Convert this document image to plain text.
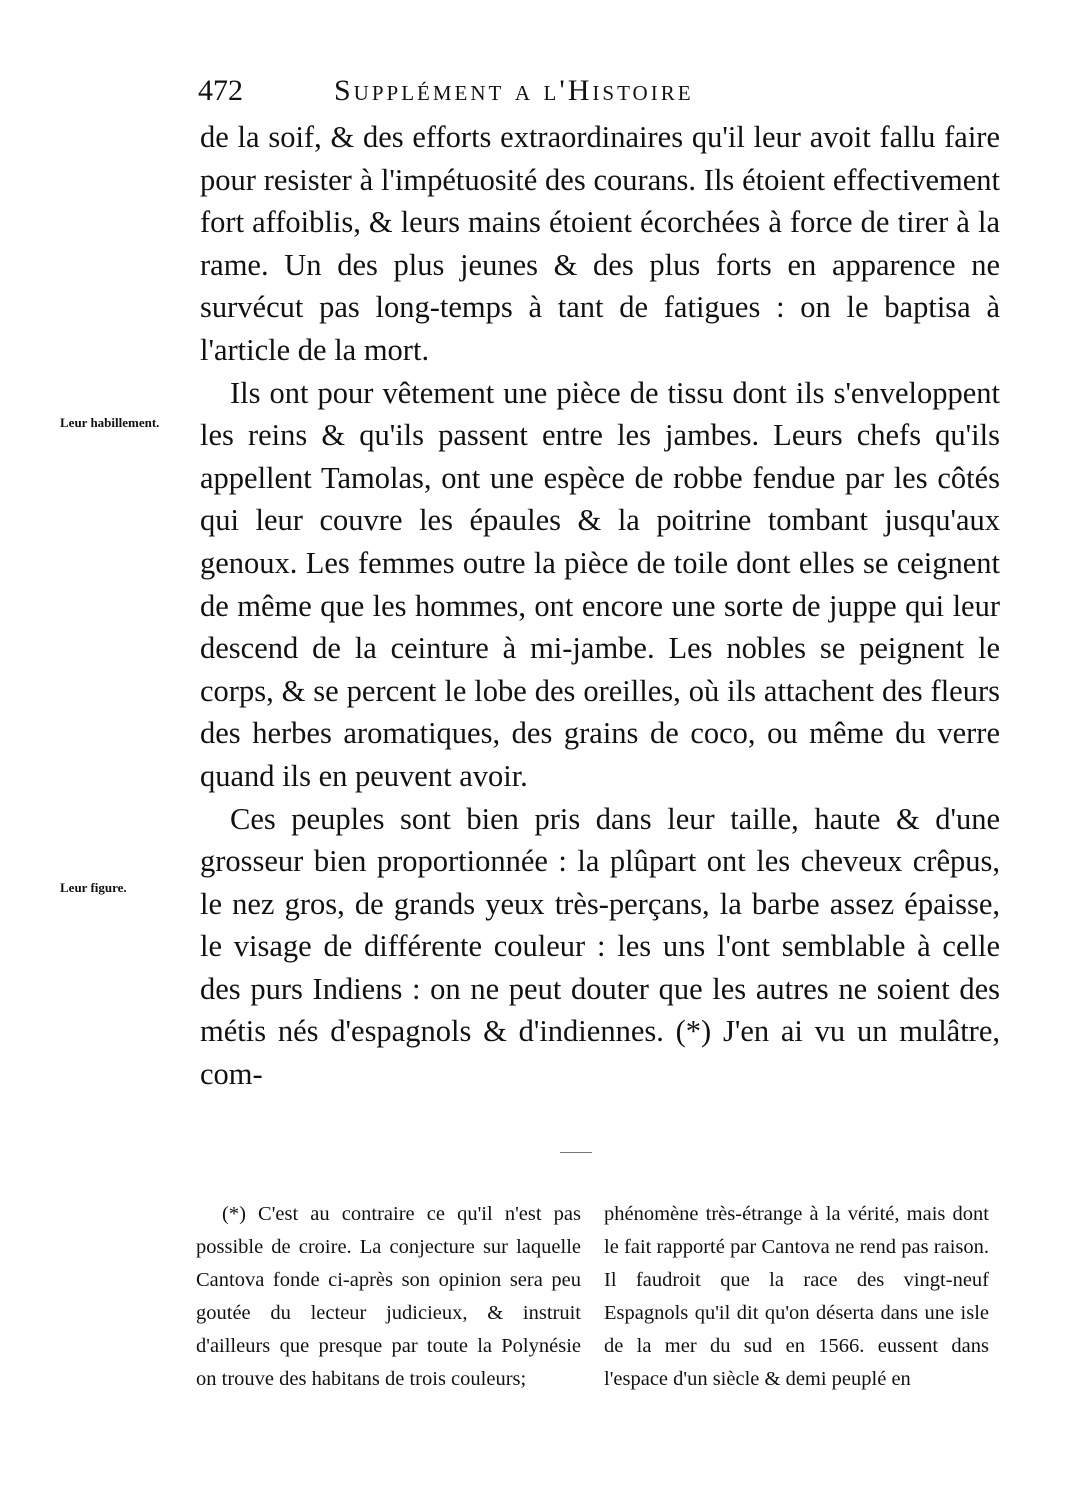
472	Supplément a l'Histoire
Leur habillement.
Leur figure.

de la soif, & des efforts extraordinaires qu'il leur avoit fallu faire pour resister à l'impétuosité des courans. Ils étoient effectivement fort affoiblis, & leurs mains étoient écorchées à force de tirer à la rame. Un des plus jeunes & des plus forts en apparence ne survécut pas long-temps à tant de fatigues : on le baptisa à l'article de la mort.

Ils ont pour vêtement une pièce de tissu dont ils s'enveloppent les reins & qu'ils passent entre les jambes. Leurs chefs qu'ils appellent Tamolas, ont une espèce de robbe fendue par les côtés qui leur couvre les épaules & la poitrine tombant jusqu'aux genoux. Les femmes outre la pièce de toile dont elles se ceignent de même que les hommes, ont encore une sorte de juppe qui leur descend de la ceinture à mi-jambe. Les nobles se peignent le corps, & se percent le lobe des oreilles, où ils attachent des fleurs des herbes aromatiques, des grains de coco, ou même du verre quand ils en peuvent avoir.

Ces peuples sont bien pris dans leur taille, haute & d'une grosseur bien proportionnée : la plûpart ont les cheveux crêpus, le nez gros, de grands yeux très-perçans, la barbe assez épaisse, le visage de différente couleur : les uns l'ont semblable à celle des purs Indiens : on ne peut douter que les autres ne soient des métis nés d'espagnols & d'indiennes. (*) J'en ai vu un mulâtre, com-

(*) C'est au contraire ce qu'il n'est pas possible de croire. La conjecture sur laquelle Cantova fonde ci-après son opinion sera peu goutée du lecteur judicieux, & instruit d'ailleurs que presque par toute la Polynésie on trouve des habitans de trois couleurs;

phénomène très-étrange à la vérité, mais dont le fait rapporté par Cantova ne rend pas raison. Il faudroit que la race des vingt-neuf Espagnols qu'il dit qu'on déserta dans une isle de la mer du sud en 1566. eussent dans l'espace d'un siècle & demi peuplé en
